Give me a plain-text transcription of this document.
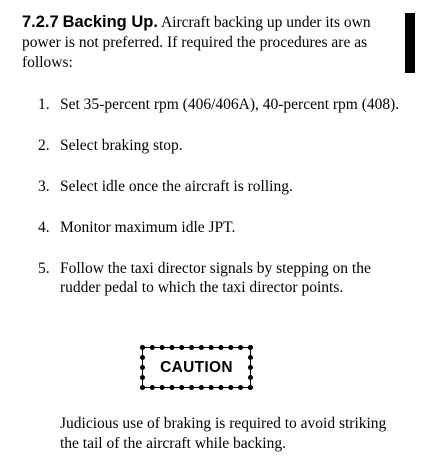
7.2.7 Backing Up. Aircraft backing up under its own power is not preferred. If required the procedures are as follows:

1. Set 35-percent rpm (406/406A), 40-percent rpm (408).
2. Select braking stop.
3. Select idle once the aircraft is rolling.
4. Monitor maximum idle JPT.
5. Follow the taxi director signals by stepping on the rudder pedal to which the taxi director points.
CAUTION

Judicious use of braking is required to avoid striking the tail of the aircraft while backing.
